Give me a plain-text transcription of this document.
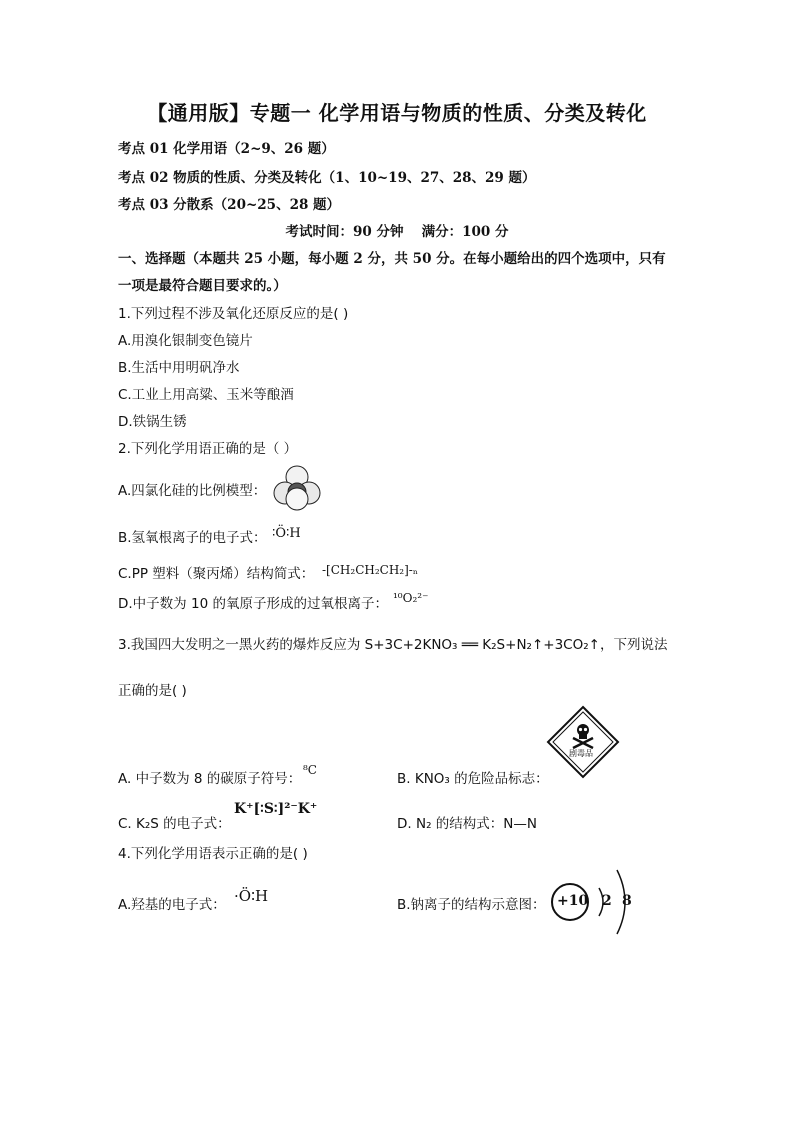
【通用版】专题一 化学用语与物质的性质、分类及转化
考点 01 化学用语（2~9、26 题）
考点 02 物质的性质、分类及转化（1、10~19、27、28、29 题）
考点 03 分散系（20~25、28 题）
考试时间：90 分钟　 满分：100 分
一、选择题（本题共 25 小题，每小题 2 分，共 50 分。在每小题给出的四个选项中，只有
一项是最符合题目要求的。）
1.下列过程不涉及氧化还原反应的是( )
A.用溴化银制变色镜片
B.生活中用明矾净水
C.工业上用高粱、玉米等酿酒
D.铁锅生锈
2.下列化学用语正确的是（ ）
A.四氯化硅的比例模型：
B.氢氧根离子的电子式： ∶Ö∶H
C.PP 塑料（聚丙烯）结构简式： -[CH₂CH₂CH₂]-ₙ
D.中子数为 10 的氧原子形成的过氧根离子： ¹⁰O₂²⁻
3.我国四大发明之一黑火药的爆炸反应为 S+3C+2KNO₃ ══ K₂S+N₂↑+3CO₂↑，下列说法
正确的是( )
A. 中子数为 8 的碳原子符号：
⁸C
B. KNO₃ 的危险品标志：
剧毒品
C. K₂S 的电子式：
K⁺[∶S∶]²⁻K⁺
D. N₂ 的结构式：N—N
4.下列化学用语表示正确的是( )
A.羟基的电子式： ·Ö∶H	B.钠离子的结构示意图： +10 2 8
